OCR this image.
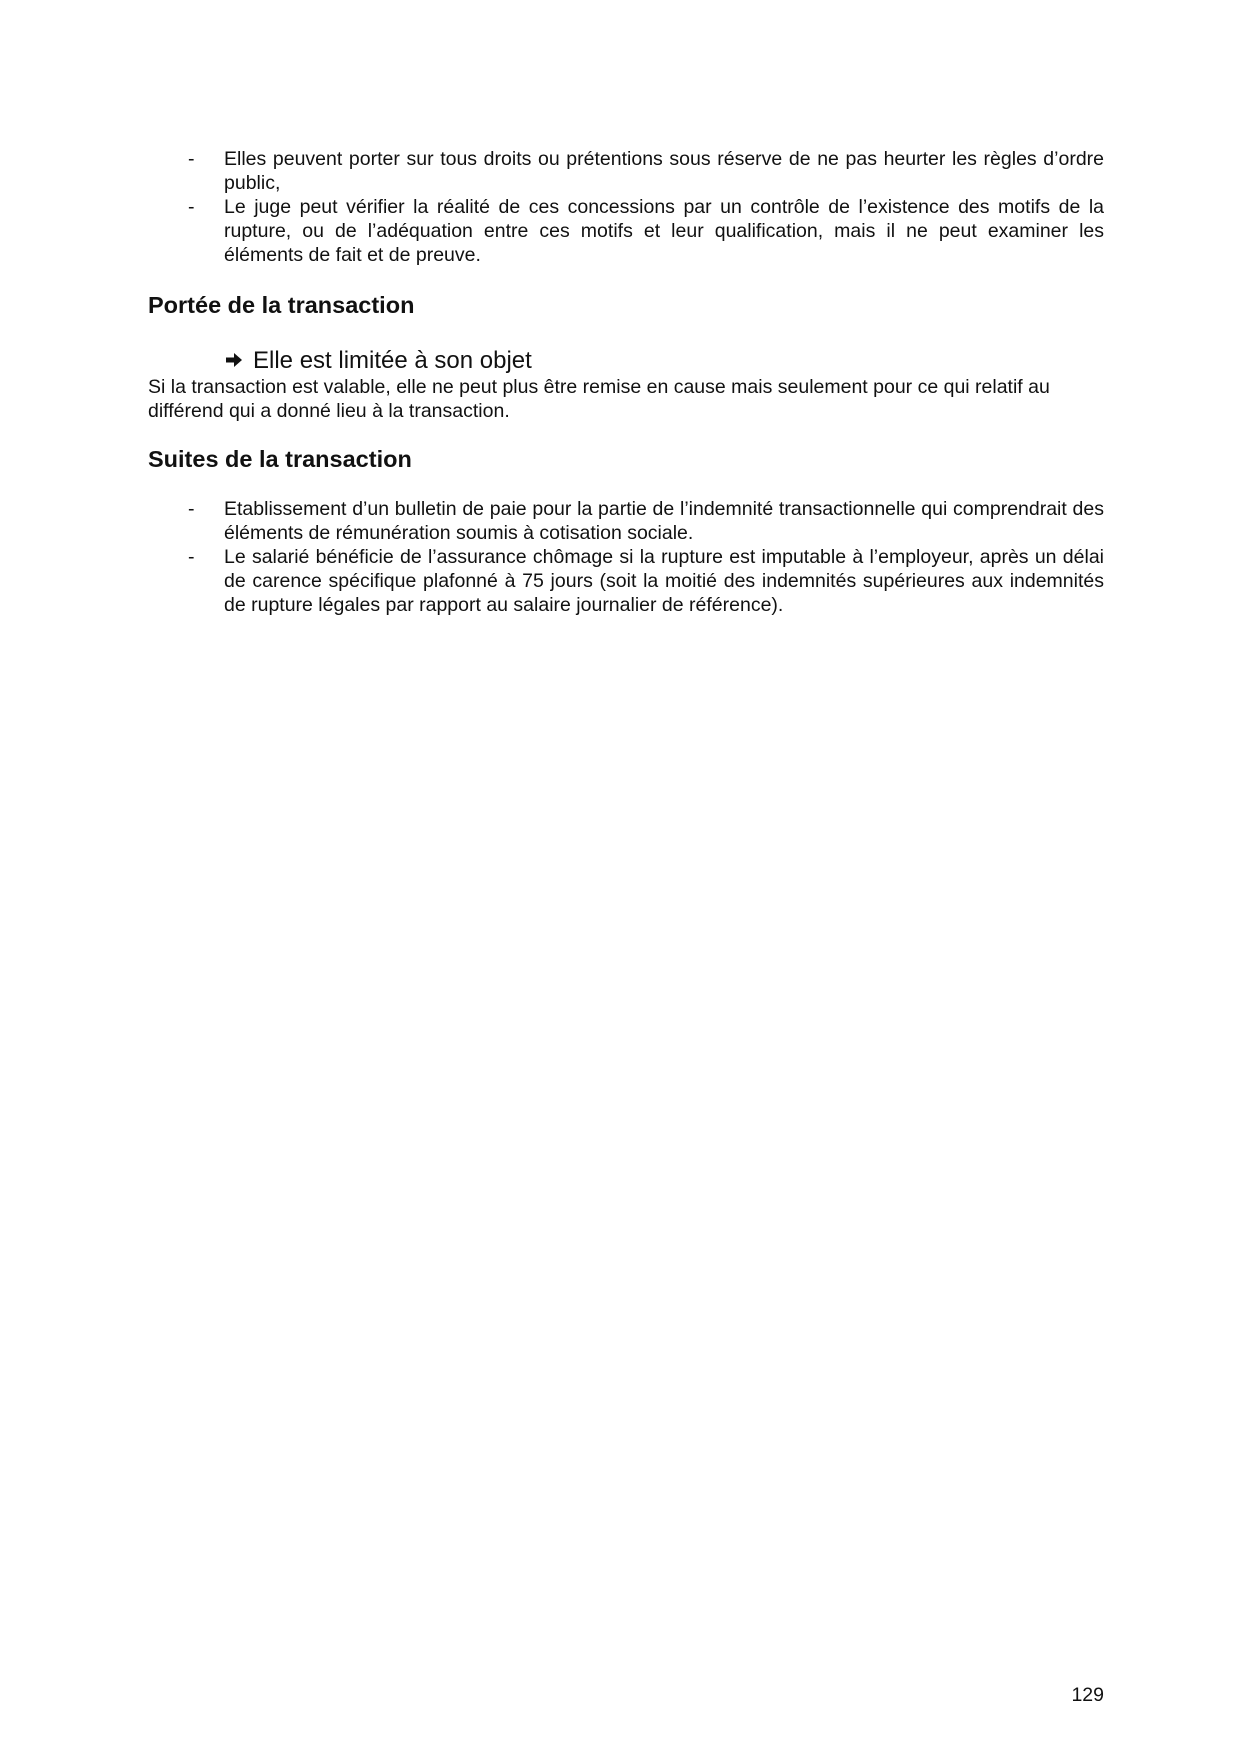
- Elles peuvent porter sur tous droits ou prétentions sous réserve de ne pas heurter les règles d’ordre public,
- Le juge peut vérifier la réalité de ces concessions par un contrôle de l’existence des motifs de la rupture, ou de l’adéquation entre ces motifs et leur qualification, mais il ne peut examiner les éléments de fait et de preuve.
Portée de la transaction
Elle est limitée à son objet

Si la transaction est valable, elle ne peut plus être remise en cause mais seulement pour ce qui relatif au différend qui a donné lieu à la transaction.

Suites de la transaction
- Etablissement d’un bulletin de paie pour la partie de l’indemnité transactionnelle qui comprendrait des éléments de rémunération soumis à cotisation sociale.
- Le salarié bénéficie de l’assurance chômage si la rupture est imputable à l’employeur, après un délai de carence spécifique plafonné à 75 jours (soit la moitié des indemnités supérieures aux indemnités de rupture légales par rapport au salaire journalier de référence).
129
